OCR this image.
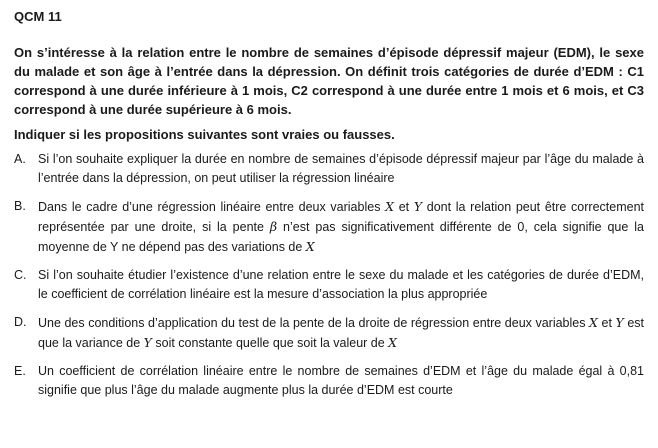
QCM 11

On s’intéresse à la relation entre le nombre de semaines d’épisode dépressif majeur (EDM), le sexe du malade et son âge à l’entrée dans la dépression. On définit trois catégories de durée d’EDM : C1 correspond à une durée inférieure à 1 mois, C2 correspond à une durée entre 1 mois et 6 mois, et C3 correspond à une durée supérieure à 6 mois.

Indiquer si les propositions suivantes sont vraies ou fausses.

A. Si l’on souhaite expliquer la durée en nombre de semaines d’épisode dépressif majeur par l’âge du malade à l’entrée dans la dépression, on peut utiliser la régression linéaire
B. Dans le cadre d’une régression linéaire entre deux variables X et Y dont la relation peut être correctement représentée par une droite, si la pente β n’est pas significativement différente de 0, cela signifie que la moyenne de Y ne dépend pas des variations de X
C. Si l’on souhaite étudier l’existence d’une relation entre le sexe du malade et les catégories de durée d’EDM, le coefficient de corrélation linéaire est la mesure d’association la plus appropriée
D. Une des conditions d’application du test de la pente de la droite de régression entre deux variables X et Y est que la variance de Y soit constante quelle que soit la valeur de X
E. Un coefficient de corrélation linéaire entre le nombre de semaines d’EDM et l’âge du malade égal à 0,81 signifie que plus l’âge du malade augmente plus la durée d’EDM est courte
